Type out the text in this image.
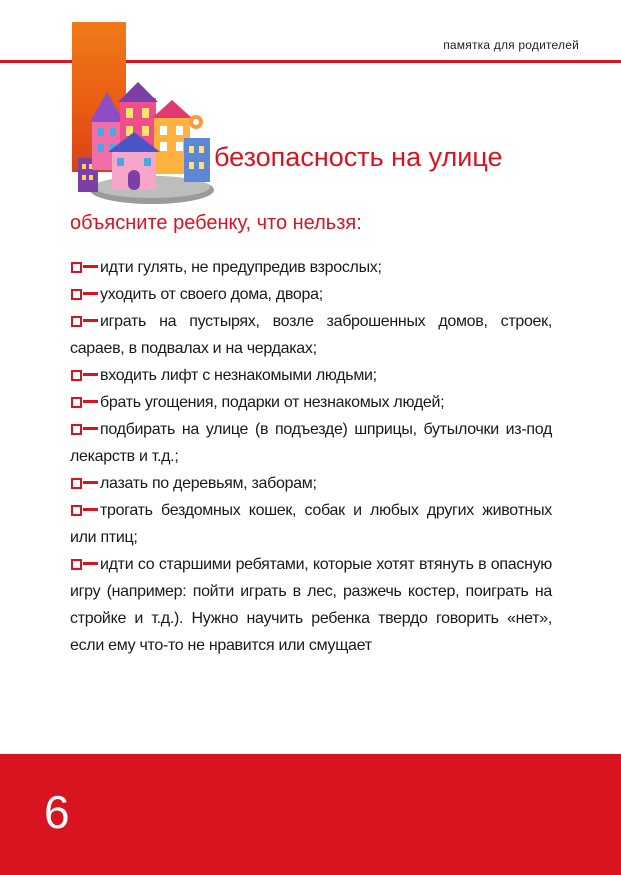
памятка для родителей
безопасность на улице
объясните ребенку, что нельзя:

идти гулять, не предупредив взрослых;

уходить от своего дома, двора;

играть на пустырях, возле заброшенных домов, строек, сараев, в подвалах и на чердаках;

входить лифт с незнакомыми людьми;

брать угощения, подарки от незнакомых людей;

подбирать на улице (в подъезде) шприцы, бутылочки из-под лекарств и т.д.;

лазать по деревьям, заборам;

трогать бездомных кошек, собак и любых других животных или птиц;

идти со старшими ребятами, которые хотят втянуть в опасную игру (например: пойти играть в лес, разжечь костер, поиграть на стройке и т.д.). Нужно научить ребенка твердо говорить «нет», если ему что-то не нравится или смущает

6
